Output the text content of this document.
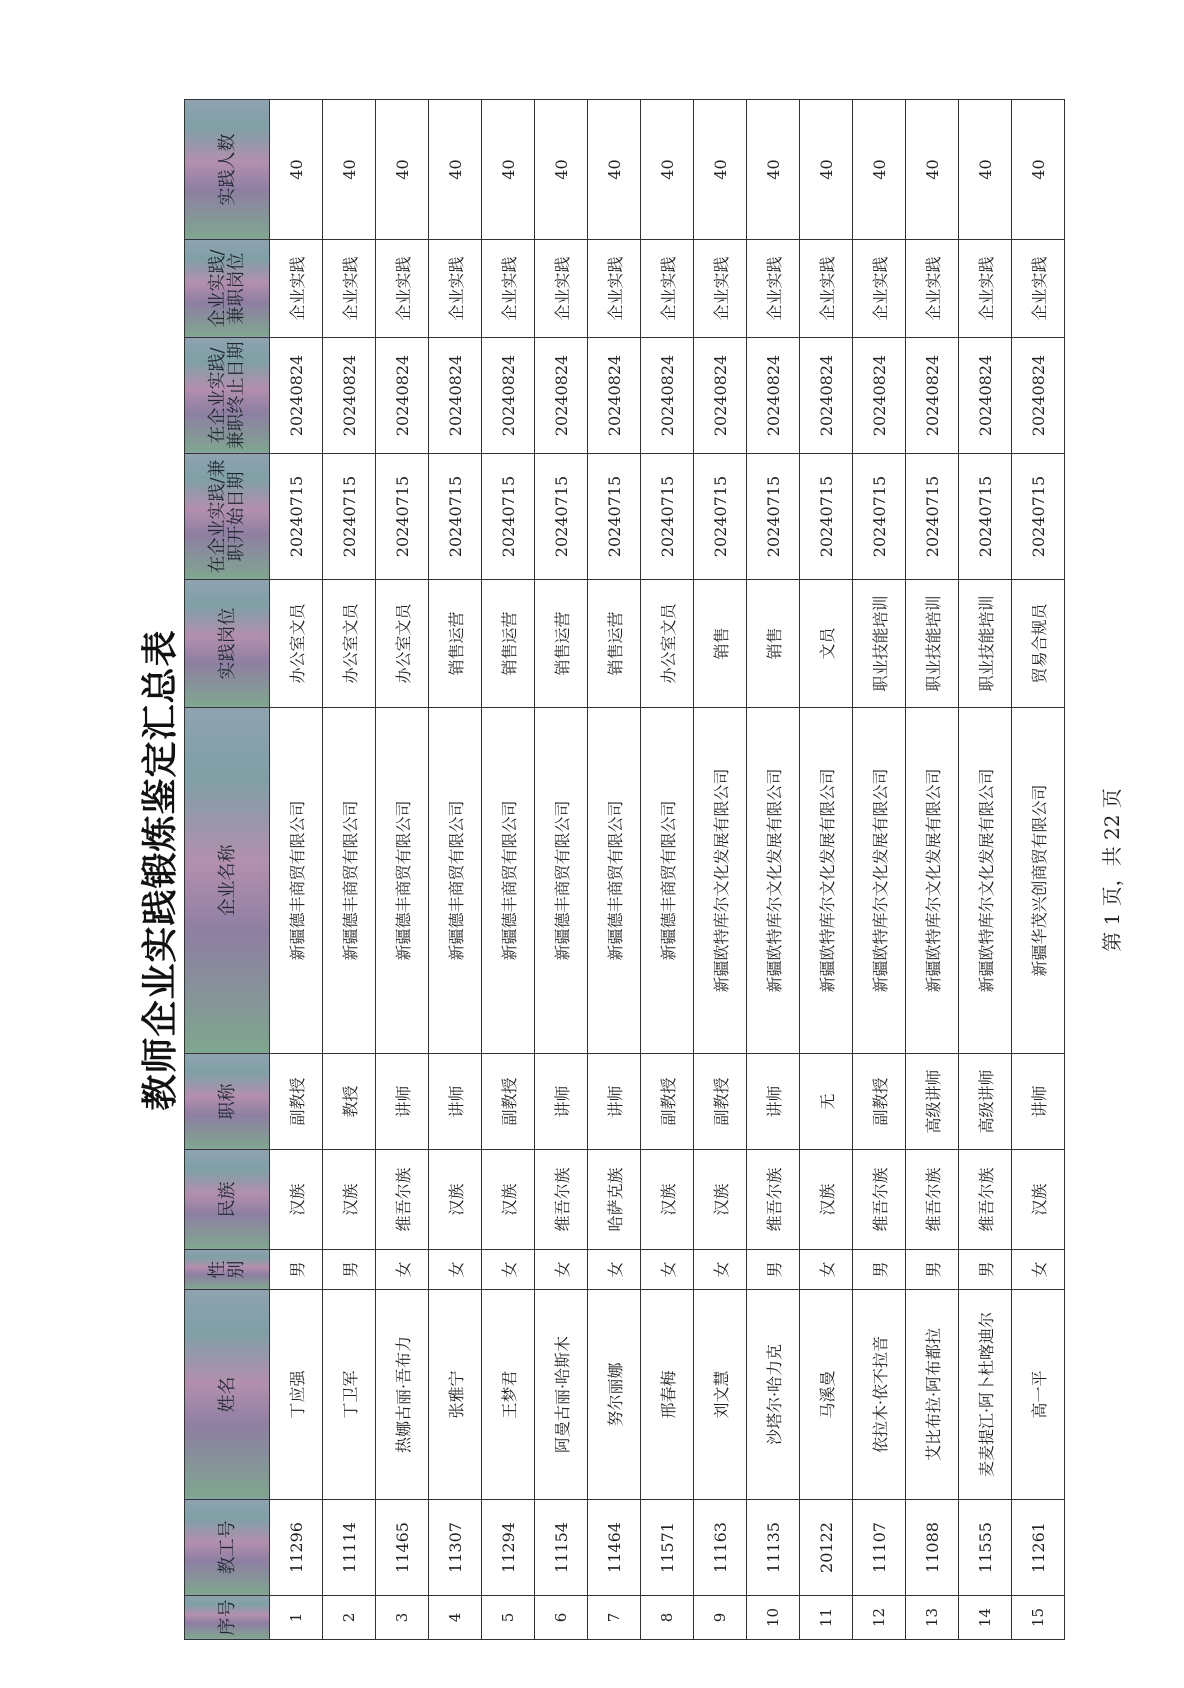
教师企业实践锻炼鉴定汇总表
序号	教工号	姓名	性别	民族	职称	企业名称	实践岗位	在企业实践/兼职开始日期	在企业实践/兼职终止日期	企业实践/兼职岗位	实践人数
1	11296	丁应强	男	汉族	副教授	新疆德丰商贸有限公司	办公室文员	20240715	20240824	企业实践	40
2	11114	丁卫军	男	汉族	教授	新疆德丰商贸有限公司	办公室文员	20240715	20240824	企业实践	40
3	11465	热娜古丽·吾布力	女	维吾尔族	讲师	新疆德丰商贸有限公司	办公室文员	20240715	20240824	企业实践	40
4	11307	张雅宁	女	汉族	讲师	新疆德丰商贸有限公司	销售运营	20240715	20240824	企业实践	40
5	11294	王梦君	女	汉族	副教授	新疆德丰商贸有限公司	销售运营	20240715	20240824	企业实践	40
6	11154	阿曼古丽·哈斯木	女	维吾尔族	讲师	新疆德丰商贸有限公司	销售运营	20240715	20240824	企业实践	40
7	11464	努尔丽娜	女	哈萨克族	讲师	新疆德丰商贸有限公司	销售运营	20240715	20240824	企业实践	40
8	11571	邢春梅	女	汉族	副教授	新疆德丰商贸有限公司	办公室文员	20240715	20240824	企业实践	40
9	11163	刘文慧	女	汉族	副教授	新疆欧特库尔文化发展有限公司	销售	20240715	20240824	企业实践	40
10	11135	沙塔尔·哈力克	男	维吾尔族	讲师	新疆欧特库尔文化发展有限公司	销售	20240715	20240824	企业实践	40
11	20122	马溪曼	女	汉族	无	新疆欧特库尔文化发展有限公司	文员	20240715	20240824	企业实践	40
12	11107	依拉木·依不拉音	男	维吾尔族	副教授	新疆欧特库尔文化发展有限公司	职业技能培训	20240715	20240824	企业实践	40
13	11088	艾比布拉·阿布都拉	男	维吾尔族	高级讲师	新疆欧特库尔文化发展有限公司	职业技能培训	20240715	20240824	企业实践	40
14	11555	麦麦提江·阿卜杜喀迪尔	男	维吾尔族	高级讲师	新疆欧特库尔文化发展有限公司	职业技能培训	20240715	20240824	企业实践	40
15	11261	高一平	女	汉族	讲师	新疆华茂兴创商贸有限公司	贸易合规员	20240715	20240824	企业实践	40
第 1 页，共 22 页
